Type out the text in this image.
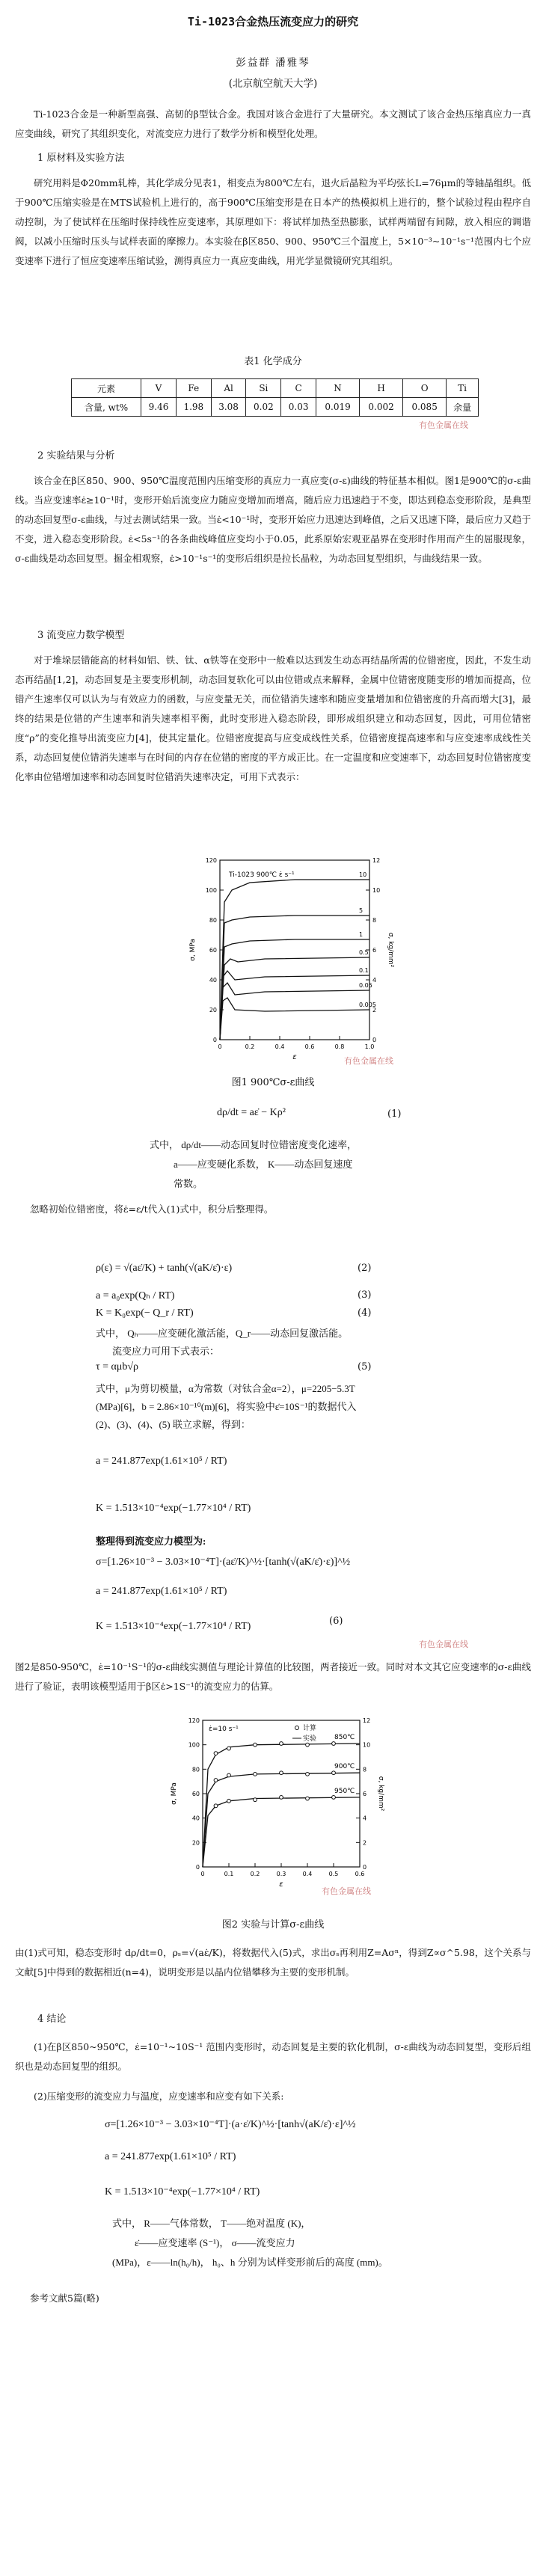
Ti-1023合金热压流变应力的研究
彭益群 潘雅琴
(北京航空航天大学)

Ti-1023合金是一种新型高强、高韧的β型钛合金。我国对该合金进行了大量研究。本文测试了该合金热压缩真应力一真应变曲线，研究了其组织变化，对流变应力进行了数学分析和模型化处理。

1 原材料及实验方法

研究用料是Φ20mm轧棒，其化学成分见表1，相变点为800℃左右，退火后晶粒为平均弦长L=76μm的等轴晶组织。低于900℃压缩实验是在MTS试验机上进行的，高于900℃压缩变形是在日本产的热模拟机上进行的，整个试验过程由程序自动控制，为了使试样在压缩时保持线性应变速率，其原理如下：将试样加热至热膨胀，试样两端留有间隙，放入相应的调谐阀，以减小压缩时压头与试样表面的摩擦力。本实验在β区850、900、950℃三个温度上，5×10⁻³~10⁻¹s⁻¹范围内七个应变速率下进行了恒应变速率压缩试验，测得真应力一真应变曲线，用光学显微镜研究其组织。

表1 化学成分

元素	V	Fe	Al	Si	C	N	H	O	Ti
含量, wt%	9.46	1.98	3.08	0.02	0.03	0.019	0.002	0.085	余量
有色金属在线

2 实验结果与分析

该合金在β区850、900、950℃温度范围内压缩变形的真应力一真应变(σ-ε)曲线的特征基本相似。图1是900℃的σ-ε曲线。当应变速率ε̇≥10⁻¹时，变形开始后流变应力随应变增加而增高，随后应力迅速趋于不变，即达到稳态变形阶段，是典型的动态回复型σ-ε曲线，与过去测试结果一致。当ε̇<10⁻¹时，变形开始应力迅速达到峰值，之后又迅速下降，最后应力又趋于不变，进入稳态变形阶段。ε̇<5s⁻¹的各条曲线峰值应变均小于0.05，此系原始宏观亚晶界在变形时作用而产生的屈服现象，σ-ε曲线是动态回复型。掘金相观察，ε̇>10⁻¹s⁻¹的变形后组织是拉长晶粒，为动态回复型组织，与曲线结果一致。

3 流变应力数学模型

对于堆垛层错能高的材料如铝、铁、钛、α铁等在变形中一般难以达到发生动态再结晶所需的位错密度，因此，不发生动态再结晶[1,2]，动态回复是主要变形机制，动态回复软化可以由位错或点来解释，金属中位错密度随变形的增加而提高，位错产生速率仅可以认为与有效应力的函数，与应变量无关，而位错消失速率和随应变量增加和位错密度的升高而增大[3]，最终的结果是位错的产生速率和消失速率相平衡，此时变形进入稳态阶段，即形成组织建立和动态回复，因此，可用位错密度“ρ”的变化推导出流变应力[4]，使其定量化。位错密度提高与应变成线性关系，位错密度提高速率和与应变速率成线性关系，动态回复使位错消失速率与在时间的内存在位错的密度的平方成正比。在一定温度和应变速率下，动态回复时位错密度变化率由位错增加速率和动态回复时位错消失速率决定，可用下式表示：

0	0
20	2
40	4
60	6
80	8
100	10
120	12
0	0.2	0.4	0.6	0.8	1.0
ε
σ, MPa	σ, kg/mm²
Ti-1023 900℃ ε̇ s⁻¹	10
5
1
0.5
0.1
0.05
0.005
有色金属在线

图1 900℃σ-ε曲线

dρ/dt = aε̇ − Kρ²	(1)

式中， dρ/dt——动态回复时位错密度变化速率，

a——应变硬化系数， K——动态回复速度

常数。

忽略初始位错密度，将ε̇=ε/t代入(1)式中，积分后整理得。

ρ(ε) = √(aε̇/K) + tanh(√(aK/ε̇)·ε)	(2)

a = a₀exp(Qₕ / RT)	(3)

K = K₀exp(− Q_r / RT)	(4)

式中， Qₕ——应变硬化激活能，Q_r——动态回复激活能。

流变应力可用下式表示：

τ = αμb√ρ	(5)

式中，μ为剪切模量，α为常数（对钛合金α=2），μ=2205−5.3T

(MPa)[6]，b = 2.86×10⁻¹⁰(m)[6]，将实验中ε̇=10S⁻¹的数据代入

(2)、(3)、(4)、(5) 联立求解，得到：

a = 241.877exp(1.61×10⁵ / RT)

K = 1.513×10⁻⁴exp(−1.77×10⁴ / RT)

整理得到流变应力模型为:

σ=[1.26×10⁻³ − 3.03×10⁻⁴T]·(aε̇/K)^½·[tanh(√(aK/ε̇)·ε)]^½

a = 241.877exp(1.61×10⁵ / RT)

K = 1.513×10⁻⁴exp(−1.77×10⁴ / RT)	(6)

有色金属在线

图2是850-950℃，ε̇=10⁻¹S⁻¹的σ-ε曲线实测值与理论计算值的比较图，两者接近一致。同时对本文其它应变速率的σ-ε曲线进行了验证，表明该模型适用于β区ε̇>1S⁻¹的流变应力的估算。

0	0
20	2
40	4
60	6
80	8
100	10
120	12
0	0.1	0.2	0.3	0.4	0.5	0.6
ε
σ, MPa	σ, kg/mm²
ε̇=10 s⁻¹	计算
实验	850℃
900℃
950℃
有色金属在线

图2 实验与计算σ-ε曲线

由(1)式可知，稳态变形时 dρ/dt=0，ρₛ=√(aε̇/K)，将数据代入(5)式，求出σₛ再利用Z=Aσⁿ，得到Z∝σ^5.98，这个关系与文献[5]中得到的数据相近(n=4)，说明变形是以晶内位错攀移为主要的变形机制。

4 结论

(1)在β区850~950℃，ε̇=10⁻¹~10S⁻¹ 范围内变形时，动态回复是主要的软化机制，σ-ε曲线为动态回复型，变形后组织也是动态回复型的组织。

(2)压缩变形的流变应力与温度，应变速率和应变有如下关系:

σ=[1.26×10⁻³ − 3.03×10⁻⁴T]·(a·ε̇/K)^½·[tanh√(aK/ε̇)·ε]^½

a = 241.877exp(1.61×10⁵ / RT)

K = 1.513×10⁻⁴exp(−1.77×10⁴ / RT)

式中， R——气体常数， T——绝对温度 (K)，

ε̇——应变速率 (S⁻¹)， σ——流变应力

(MPa)，ε——ln(h₀/h)， h₀、h 分别为试样变形前后的高度 (mm)。

参考文献5篇(略)
